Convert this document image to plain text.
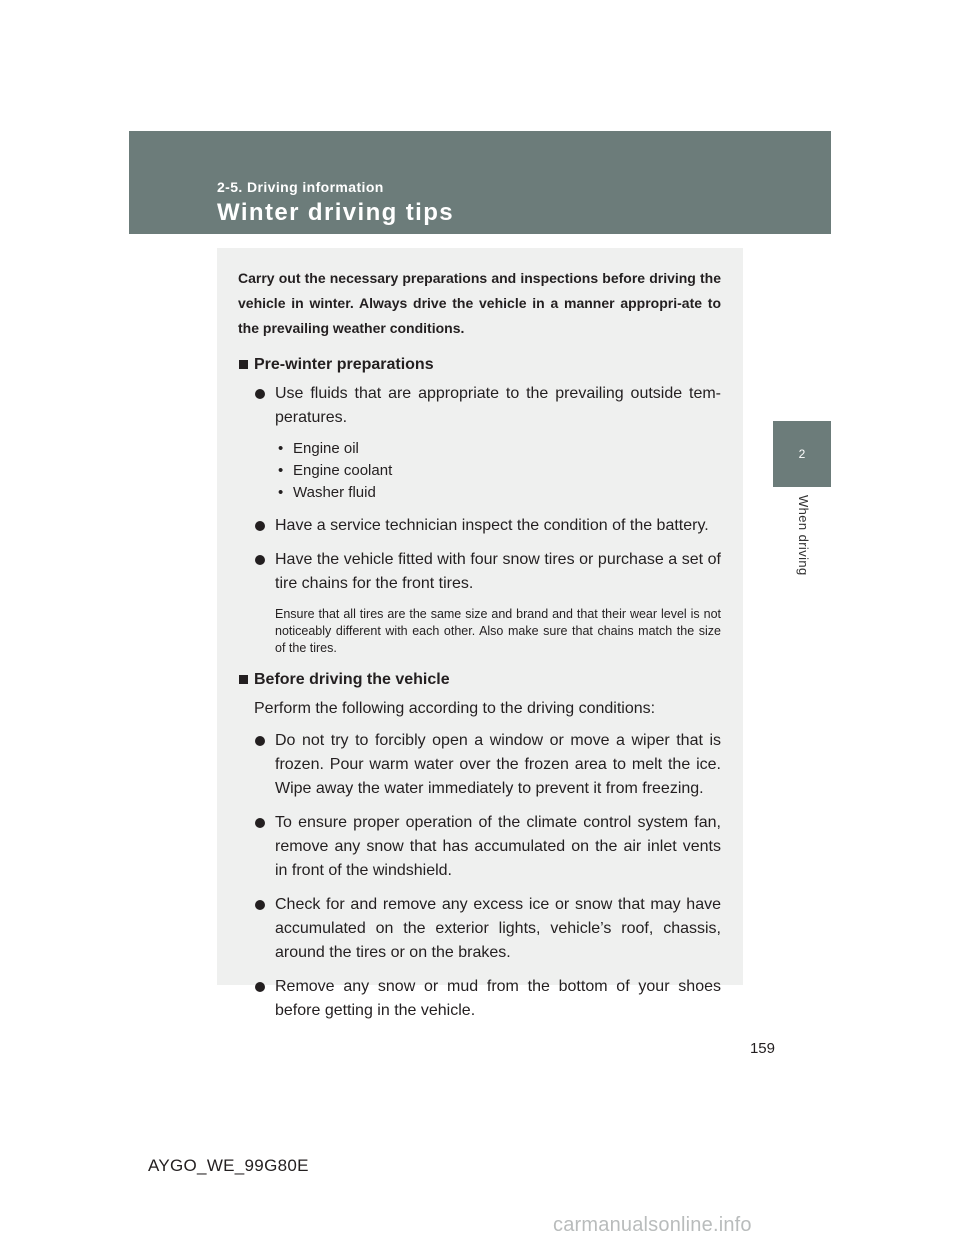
2-5. Driving information
Winter driving tips
2
When driving

Carry out the necessary preparations and inspections before driving the vehicle in winter. Always drive the vehicle in a manner appropri-ate to the prevailing weather conditions.

Pre-winter preparations
Use fluids that are appropriate to the prevailing outside tem-peratures.
• Engine oil
• Engine coolant
• Washer fluid
Have a service technician inspect the condition of the battery.
Have the vehicle fitted with four snow tires or purchase a set of tire chains for the front tires.

Ensure that all tires are the same size and brand and that their wear level is not noticeably different with each other. Also make sure that chains match the size of the tires.

Before driving the vehicle

Perform the following according to the driving conditions:

Do not try to forcibly open a window or move a wiper that is frozen. Pour warm water over the frozen area to melt the ice. Wipe away the water immediately to prevent it from freezing.
To ensure proper operation of the climate control system fan, remove any snow that has accumulated on the air inlet vents in front of the windshield.
Check for and remove any excess ice or snow that may have accumulated on the exterior lights, vehicle’s roof, chassis, around the tires or on the brakes.
Remove any snow or mud from the bottom of your shoes before getting in the vehicle.
159
AYGO_WE_99G80E
carmanualsonline.info
